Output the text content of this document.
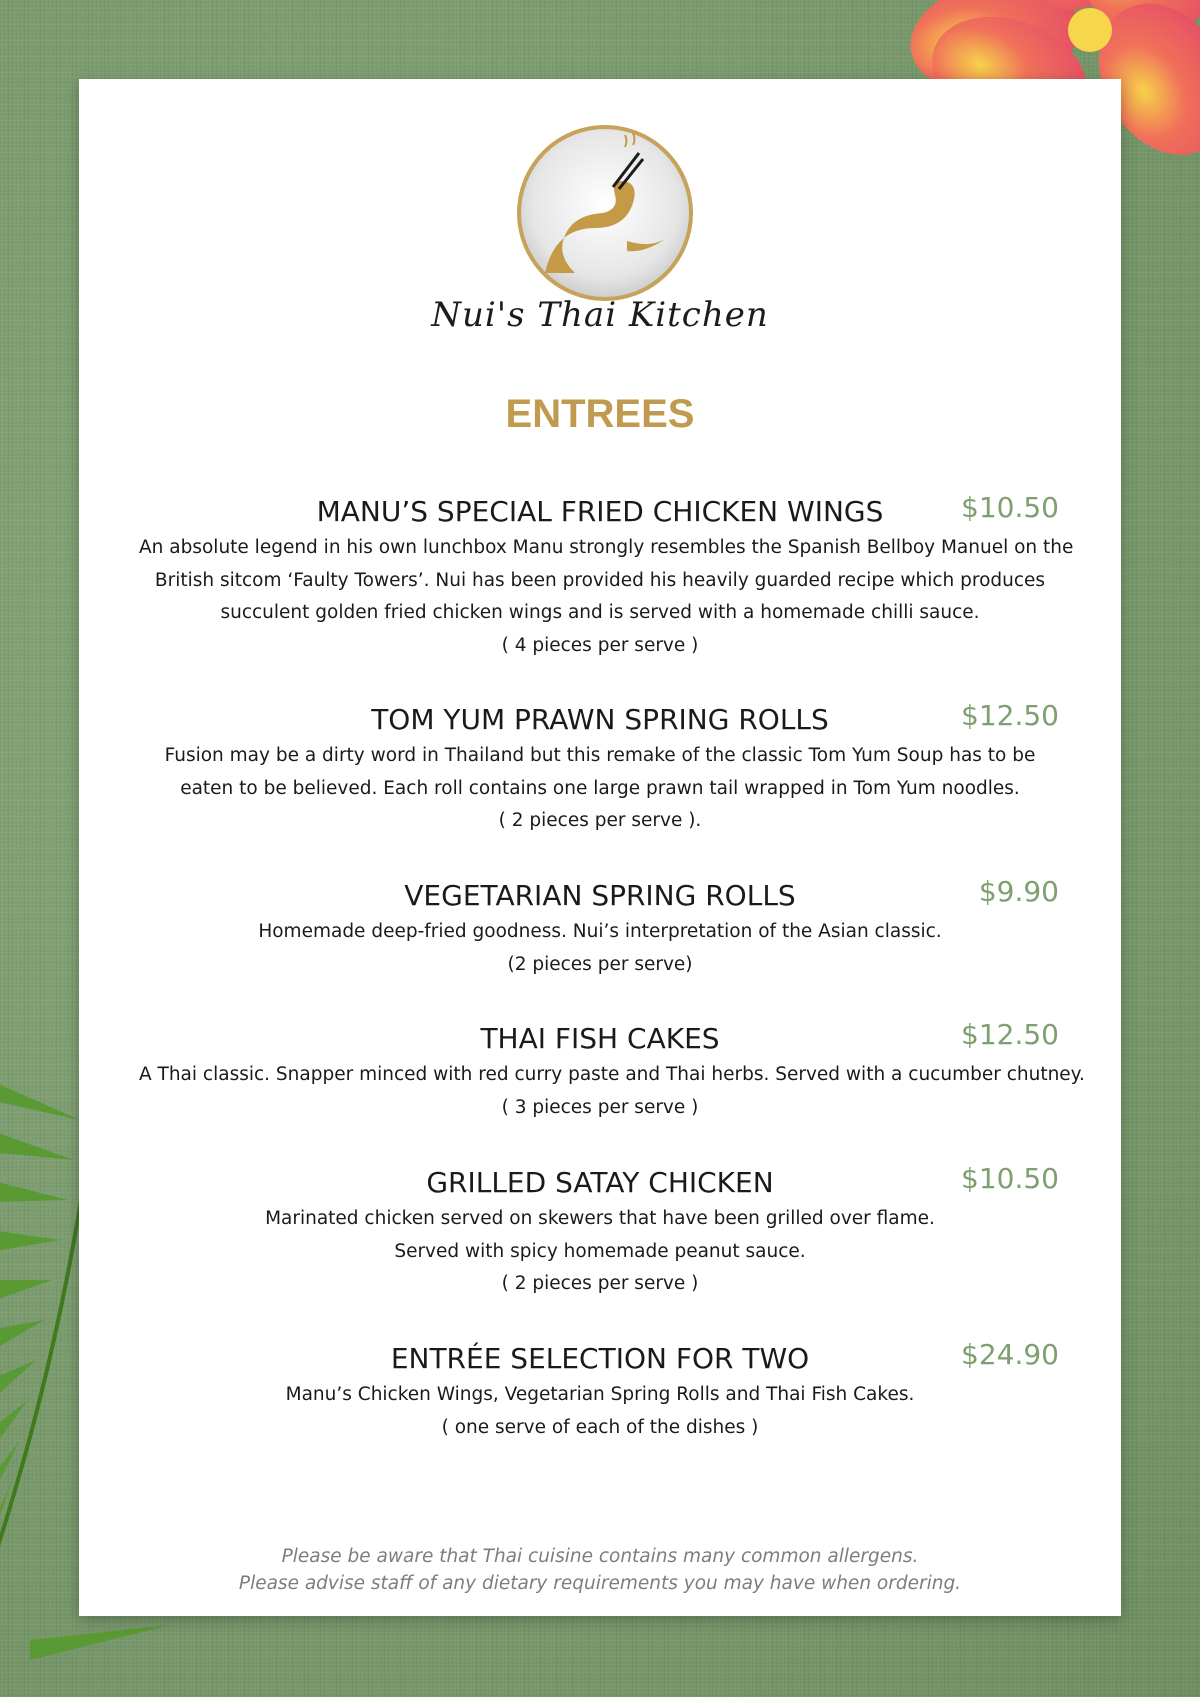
Nui's Thai Kitchen
ENTREES
MANU’S SPECIAL FRIED CHICKEN WINGS	$10.50
An absolute legend in his own lunchbox Manu strongly resembles the Spanish Bellboy Manuel on the
British sitcom ‘Faulty Towers’. Nui has been provided his heavily guarded recipe which produces
succulent golden fried chicken wings and is served with a homemade chilli sauce.
( 4 pieces per serve )
TOM YUM PRAWN SPRING ROLLS	$12.50
Fusion may be a dirty word in Thailand but this remake of the classic Tom Yum Soup has to be
eaten to be believed. Each roll contains one large prawn tail wrapped in Tom Yum noodles.
( 2 pieces per serve ).
VEGETARIAN SPRING ROLLS	$9.90
Homemade deep-fried goodness. Nui’s interpretation of the Asian classic.
(2 pieces per serve)
THAI FISH CAKES	$12.50
A Thai classic. Snapper minced with red curry paste and Thai herbs. Served with a cucumber chutney.
( 3 pieces per serve )
GRILLED SATAY CHICKEN	$10.50
Marinated chicken served on skewers that have been grilled over flame.
Served with spicy homemade peanut sauce.
( 2 pieces per serve )
ENTRÉE SELECTION FOR TWO	$24.90
Manu’s Chicken Wings, Vegetarian Spring Rolls and Thai Fish Cakes.
( one serve of each of the dishes )
Please be aware that Thai cuisine contains many common allergens.
Please advise staff of any dietary requirements you may have when ordering.
